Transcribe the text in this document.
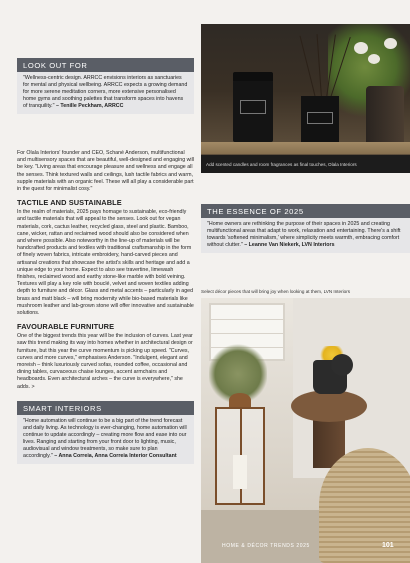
LOOK OUT FOR
"Wellness-centric design. ARRCC envisions interiors as sanctuaries for mental and physical wellbeing. ARRCC expects a growing demand for more serene meditation corners, more extensive personalised home gyms and soothing palettes that transform spaces into havens of tranquility." – Tenille Peckham, ARRCC

For Olala Interiors' founder and CEO, Schané Anderson, multifunctional and multisensory spaces that are beautiful, well-designed and engaging will be key. "Living areas that encourage pleasure and wellness and engage all the senses. Think textured walls and ceilings, lush tactile fabrics and warm, supple materials with an organic feel. These will all play a considerable part in the quest for minimalist cosy."

TACTILE AND SUSTAINABLE

In the realm of materials, 2025 pays homage to sustainable, eco-friendly and tactile materials that will appeal to the senses. Look out for vegan materials, cork, cactus leather, recycled glass, steel and plastic. Bamboo, cane, wicker, rattan and reclaimed wood should also be considered when and where possible. Also noteworthy in the line-up of materials will be handcrafted products and textiles with traditional craftsmanship in the form of finely woven fabrics, intricate embroidery, hand-carved pieces and artisanal creations that showcase the artist's skills and heritage and add a unique edge to your home. Expect to also see travertine, limewash finishes, reclaimed wood and earthy stone-like marble with bold veining. Textures will play a key role with bouclé, velvet and woven textiles adding depth to furniture and décor. Glass and metal accents – particularly in aged brass and matt black – will bring modernity while bio-based materials like mushroom leather and lab-grown stone will offer innovative and sustainable solutions.

FAVOURABLE FURNITURE

One of the biggest trends this year will be the inclusion of curves. Last year saw this trend making its way into homes whether in architectural design or furniture, but this year the curve momentum is picking up speed. "Curves, curves and more curves," emphasises Anderson. "Indulgent, elegant and moreish – think luxuriously curved sofas, rounded coffee, occasional and dining tables, curvaceous chaise lounges, accent armchairs and headboards. Even architectural arches – the curve is everywhere," she adds. >

SMART INTERIORS
"Home automation will continue to be a big part of the trend forecast and daily living. As technology is ever-changing, home automation will continue to update accordingly – creating more flow and ease into our lives. Ranging and starting from your front door to lighting, music, audiovisual and window treatments, so make sure to plan accordingly." – Anna Correia, Anna Correia Interior Consultant
Add scented candles and room fragrances as final touches, Olala Interiors
THE ESSENCE OF 2025
"Home owners are rethinking the purpose of their spaces in 2025 and creating multifunctional areas that adapt to work, relaxation and entertaining. There's a shift towards 'softened minimalism,' where simplicity meets warmth, embracing comfort without clutter." – Leanne Van Niekerk, LVN Interiors
Select décor pieces that will bring joy when looking at them, LVN Interiors
HOME & DÉCOR TRENDS 2025	101
